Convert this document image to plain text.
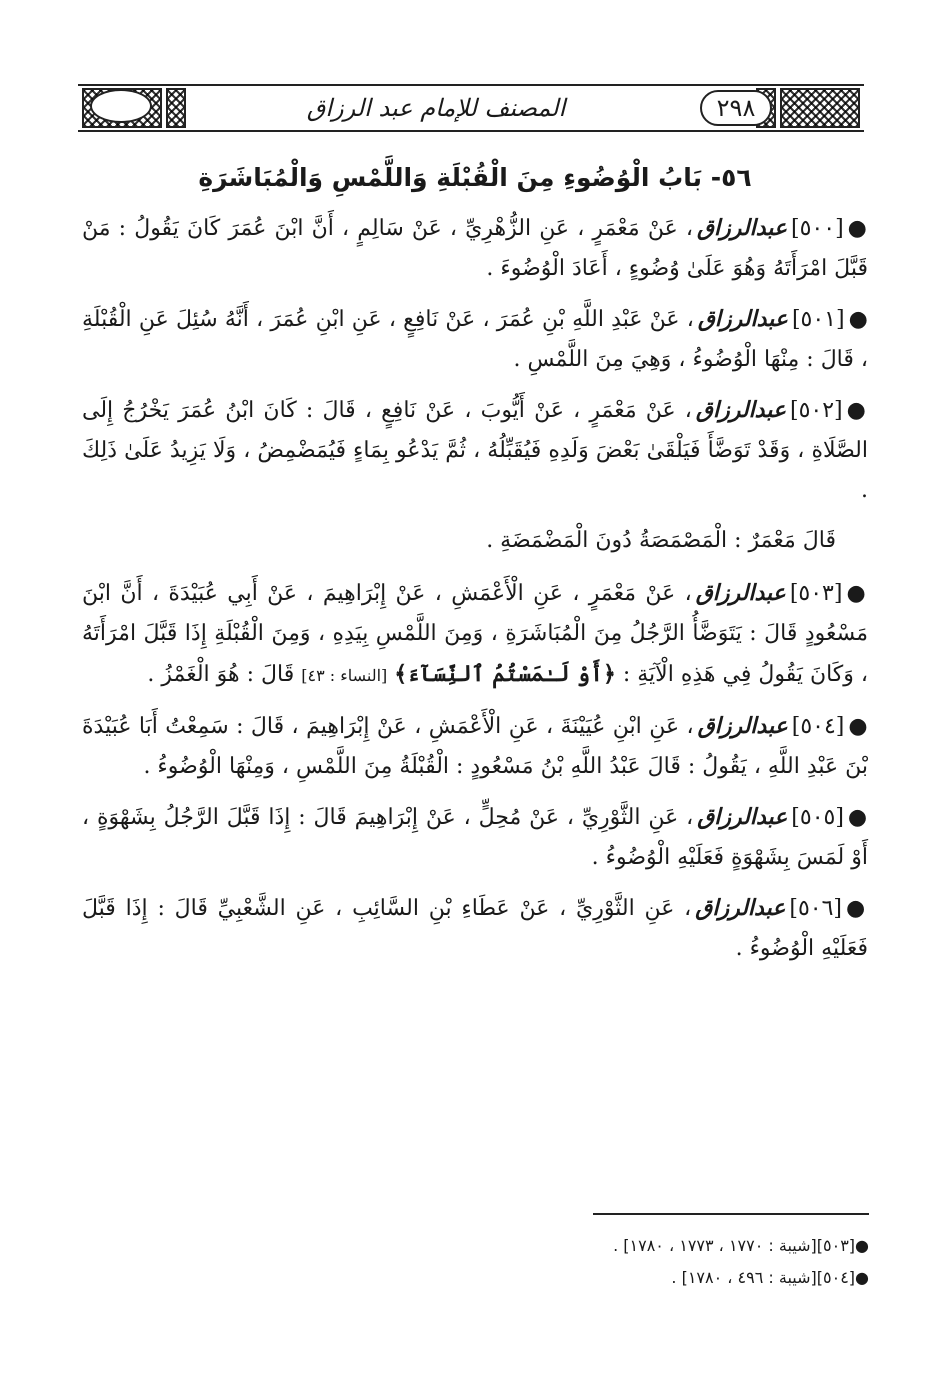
المصنف للإمام عبد الرزاق	٢٩٨
٥٦- بَابُ الْوُضُوءِ مِنَ الْقُبْلَةِ وَاللَّمْسِ وَالْمُبَاشَرَةِ
●[٥٠٠]عبدالرزاق، عَنْ مَعْمَرٍ ، عَنِ الزُّهْرِيِّ ، عَنْ سَالِمٍ ، أَنَّ ابْنَ عُمَرَ كَانَ يَقُولُ : مَنْ قَبَّلَ امْرَأَتَهُ وَهُوَ عَلَىٰ وُضُوءٍ ، أَعَادَ الْوُضُوءَ .
●[٥٠١]عبدالرزاق، عَنْ عَبْدِ اللَّهِ بْنِ عُمَرَ ، عَنْ نَافِعٍ ، عَنِ ابْنِ عُمَرَ ، أَنَّهُ سُئِلَ عَنِ الْقُبْلَةِ ، قَالَ : مِنْهَا الْوُضُوءُ ، وَهِيَ مِنَ اللَّمْسِ .
●[٥٠٢]عبدالرزاق، عَنْ مَعْمَرٍ ، عَنْ أَيُّوبَ ، عَنْ نَافِعٍ ، قَالَ : كَانَ ابْنُ عُمَرَ يَخْرُجُ إِلَى الصَّلَاةِ ، وَقَدْ تَوَضَّأَ فَيَلْقَىٰ بَعْضَ وَلَدِهِ فَيُقَبِّلُهُ ، ثُمَّ يَدْعُو بِمَاءٍ فَيُمَضْمِضُ ، وَلَا يَزِيدُ عَلَىٰ ذَلِكَ .
قَالَ مَعْمَرٌ : الْمَصْمَصَةُ دُونَ الْمَضْمَضَةِ .
●[٥٠٣]عبدالرزاق، عَنْ مَعْمَرٍ ، عَنِ الْأَعْمَشِ ، عَنْ إِبْرَاهِيمَ ، عَنْ أَبِي عُبَيْدَةَ ، أَنَّ ابْنَ مَسْعُودٍ قَالَ : يَتَوَضَّأُ الرَّجُلُ مِنَ الْمُبَاشَرَةِ ، وَمِنَ اللَّمْسِ بِيَدِهِ ، وَمِنَ الْقُبْلَةِ إِذَا قَبَّلَ امْرَأَتَهُ ، وَكَانَ يَقُولُ فِي هَذِهِ الْآيَةِ : ﴿أَوْ لَـٰمَسْتُمُ ٱلنِّسَآءَ﴾ [النساء : ٤٣] قَالَ : هُوَ الْغَمْزُ .
●[٥٠٤]عبدالرزاق، عَنِ ابْنِ عُيَيْنَةَ ، عَنِ الْأَعْمَشِ ، عَنْ إِبْرَاهِيمَ ، قَالَ : سَمِعْتُ أَبَا عُبَيْدَةَ بْنَ عَبْدِ اللَّهِ ، يَقُولُ : قَالَ عَبْدُ اللَّهِ بْنُ مَسْعُودٍ : الْقُبْلَةُ مِنَ اللَّمْسِ ، وَمِنْهَا الْوُضُوءُ .
●[٥٠٥]عبدالرزاق، عَنِ الثَّوْرِيِّ ، عَنْ مُحِلٍّ ، عَنْ إِبْرَاهِيمَ قَالَ : إِذَا قَبَّلَ الرَّجُلُ بِشَهْوَةٍ ، أَوْ لَمَسَ بِشَهْوَةٍ فَعَلَيْهِ الْوُضُوءُ .
●[٥٠٦]عبدالرزاق، عَنِ الثَّوْرِيِّ ، عَنْ عَطَاءِ بْنِ السَّائِبِ ، عَنِ الشَّعْبِيِّ قَالَ : إِذَا قَبَّلَ فَعَلَيْهِ الْوُضُوءُ .

●[٥٠٣][شيبة : ١٧٧٠ ، ١٧٧٣ ، ١٧٨٠] .

●[٥٠٤][شيبة : ٤٩٦ ، ١٧٨٠] .
